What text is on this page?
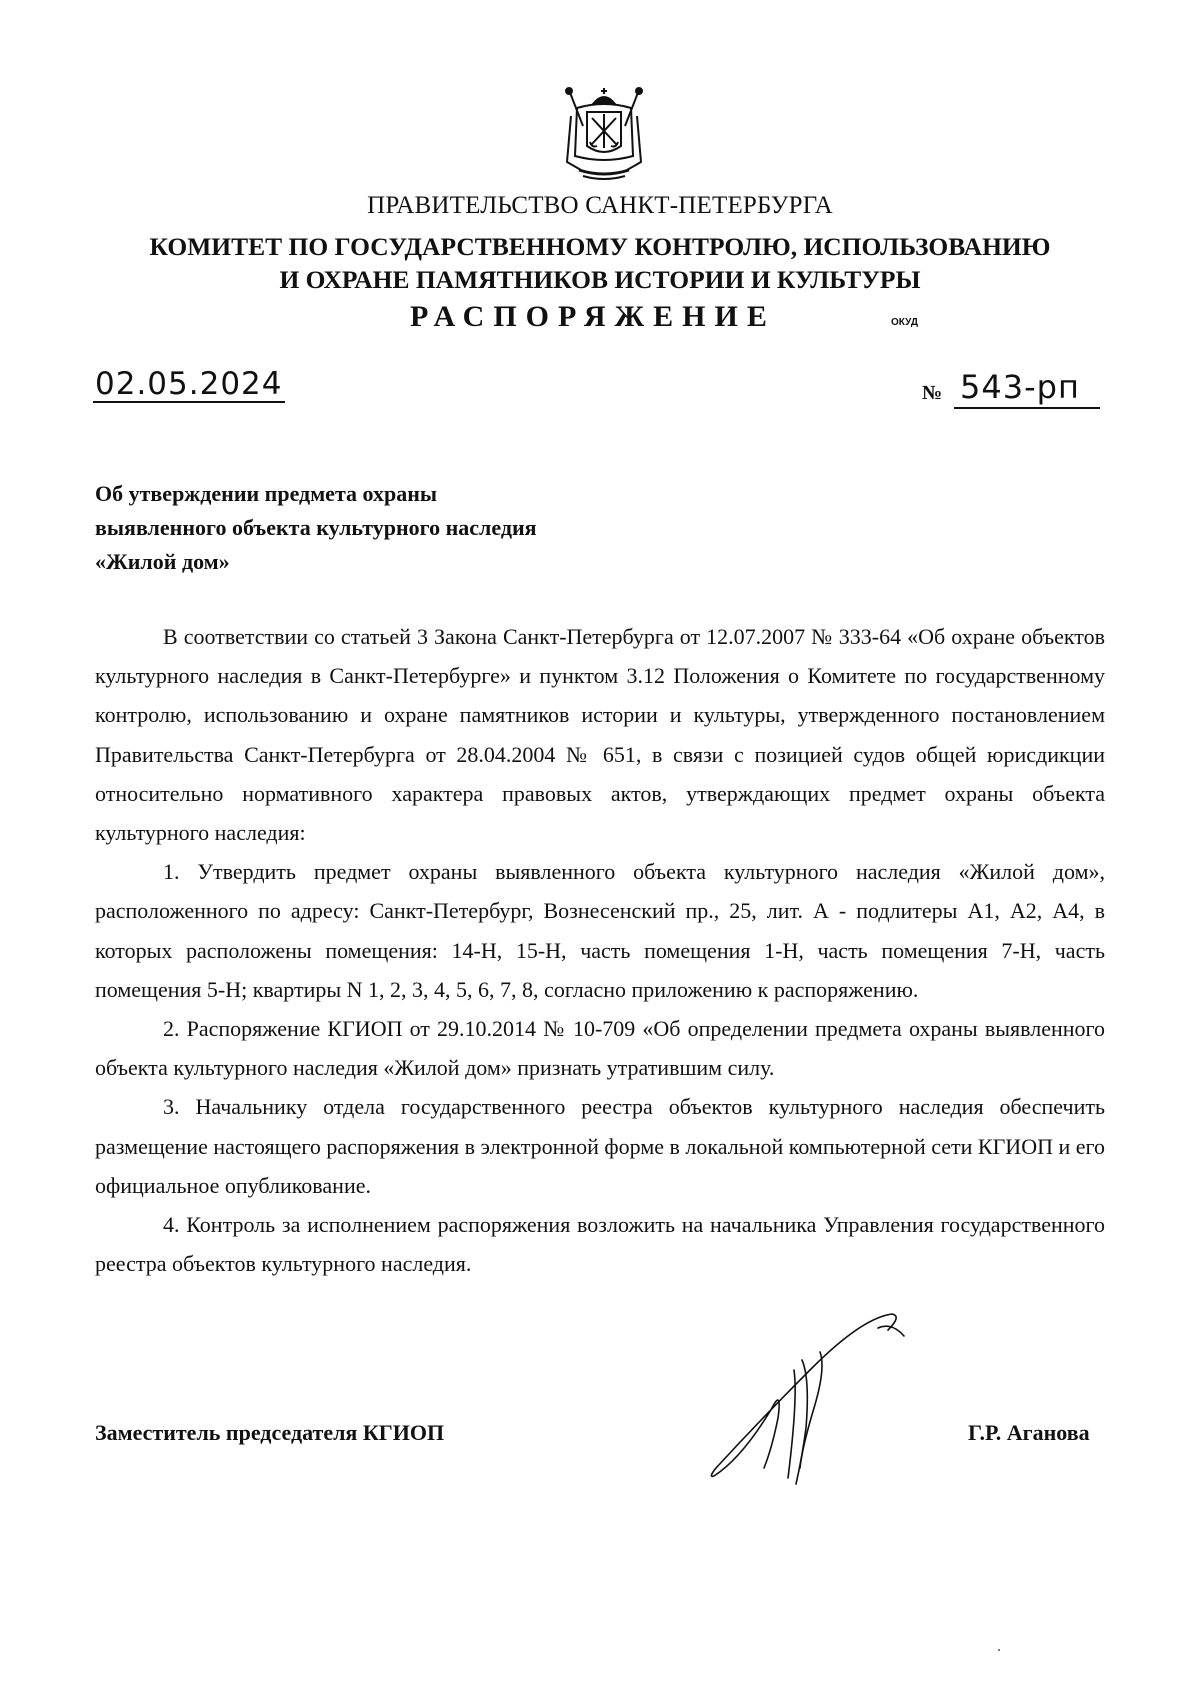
ПРАВИТЕЛЬСТВО САНКТ-ПЕТЕРБУРГА
КОМИТЕТ ПО ГОСУДАРСТВЕННОМУ КОНТРОЛЮ, ИСПОЛЬЗОВАНИЮ
И ОХРАНЕ ПАМЯТНИКОВ ИСТОРИИ И КУЛЬТУРЫ
РАСПОРЯЖЕНИЕ	ОКУД
02.05.2024	№ 543-рп
Об утверждении предмета охраны
выявленного объекта культурного наследия
«Жилой дом»

В соответствии со статьей 3 Закона Санкт-Петербурга от 12.07.2007 № 333-64 «Об охране объектов культурного наследия в Санкт-Петербурге» и пунктом 3.12 Положения о Комитете по государственному контролю, использованию и охране памятников истории и культуры, утвержденного постановлением Правительства Санкт-Петербурга от 28.04.2004 № 651, в связи с позицией судов общей юрисдикции относительно нормативного характера правовых актов, утверждающих предмет охраны объекта культурного наследия:

1. Утвердить предмет охраны выявленного объекта культурного наследия «Жилой дом», расположенного по адресу: Санкт-Петербург, Вознесенский пр., 25, лит. А - подлитеры А1, А2, А4, в которых расположены помещения: 14-Н, 15-Н, часть помещения 1-Н, часть помещения 7-Н, часть помещения 5-Н; квартиры N 1, 2, 3, 4, 5, 6, 7, 8, согласно приложению к распоряжению.

2. Распоряжение КГИОП от 29.10.2014 № 10-709 «Об определении предмета охраны выявленного объекта культурного наследия «Жилой дом» признать утратившим силу.

3. Начальнику отдела государственного реестра объектов культурного наследия обеспечить размещение настоящего распоряжения в электронной форме в локальной компьютерной сети КГИОП и его официальное опубликование.

4. Контроль за исполнением распоряжения возложить на начальника Управления государственного реестра объектов культурного наследия.

Заместитель председателя КГИОП	Г.Р. Аганова
